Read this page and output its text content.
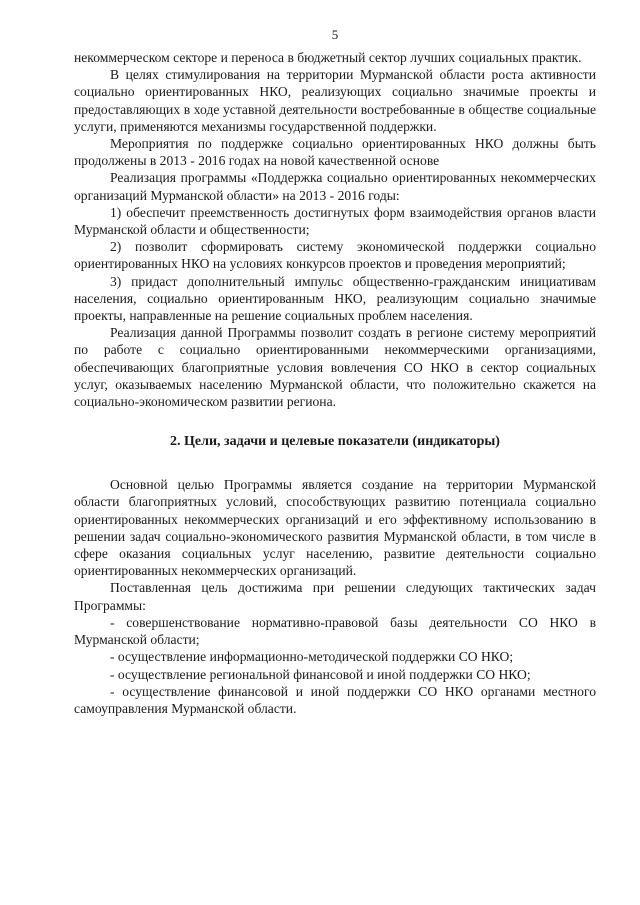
5

некоммерческом секторе и переноса в бюджетный сектор лучших социальных практик.

В целях стимулирования на территории Мурманской области роста активности социально ориентированных НКО, реализующих социально значимые проекты и предоставляющих в ходе уставной деятельности востребованные в обществе социальные услуги, применяются механизмы государственной поддержки.

Мероприятия по поддержке социально ориентированных НКО должны быть продолжены в 2013 - 2016 годах на новой качественной основе

Реализация программы «Поддержка социально ориентированных некоммерческих организаций Мурманской области» на 2013 - 2016 годы:

1) обеспечит преемственность достигнутых форм взаимодействия органов власти Мурманской области и общественности;

2) позволит сформировать систему экономической поддержки социально ориентированных НКО на условиях конкурсов проектов и проведения мероприятий;

3) придаст дополнительный импульс общественно-гражданским инициативам населения, социально ориентированным НКО, реализующим социально значимые проекты, направленные на решение социальных проблем населения.

Реализация данной Программы позволит создать в регионе систему мероприятий по работе с социально ориентированными некоммерческими организациями, обеспечивающих благоприятные условия вовлечения СО НКО в сектор социальных услуг, оказываемых населению Мурманской области, что положительно скажется на социально-экономическом развитии региона.

2. Цели, задачи и целевые показатели (индикаторы)

Основной целью Программы является создание на территории Мурманской области благоприятных условий, способствующих развитию потенциала социально ориентированных некоммерческих организаций и его эффективному использованию в решении задач социально-экономического развития Мурманской области, в том числе в сфере оказания социальных услуг населению, развитие деятельности социально ориентированных некоммерческих организаций.

Поставленная цель достижима при решении следующих тактических задач Программы:

- совершенствование нормативно-правовой базы деятельности СО НКО в Мурманской области;

- осуществление информационно-методической поддержки СО НКО;

- осуществление региональной финансовой и иной поддержки СО НКО;

- осуществление финансовой и иной поддержки СО НКО органами местного самоуправления Мурманской области.
